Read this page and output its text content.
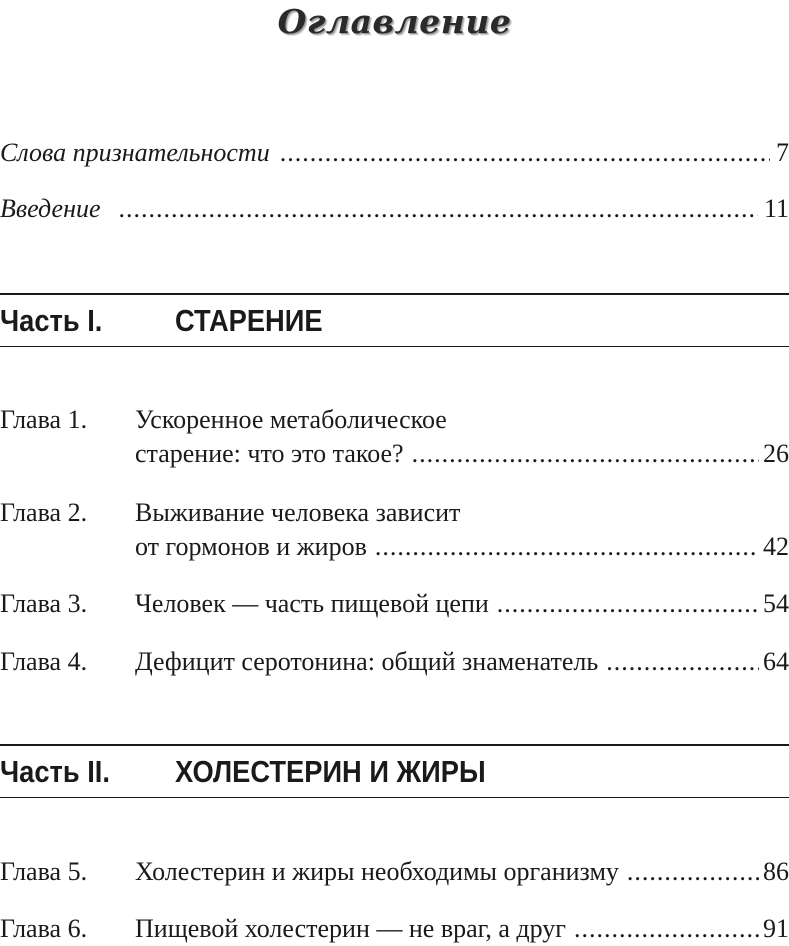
Оглавление
Слова признательности .....	7
Введение .....	11
Часть I. СТАРЕНИЕ
Глава 1. Ускоренное метаболическое
старение: что это такое? .....	26
Глава 2. Выживание человека зависит
от гормонов и жиров .....	42
Глава 3. Человек — часть пищевой цепи .....	54
Глава 4. Дефицит серотонина: общий знаменатель .....	64
Часть II. ХОЛЕСТЕРИН И ЖИРЫ
Глава 5. Холестерин и жиры необходимы организму .....	86
Глава 6. Пищевой холестерин — не враг, а друг .....	91
